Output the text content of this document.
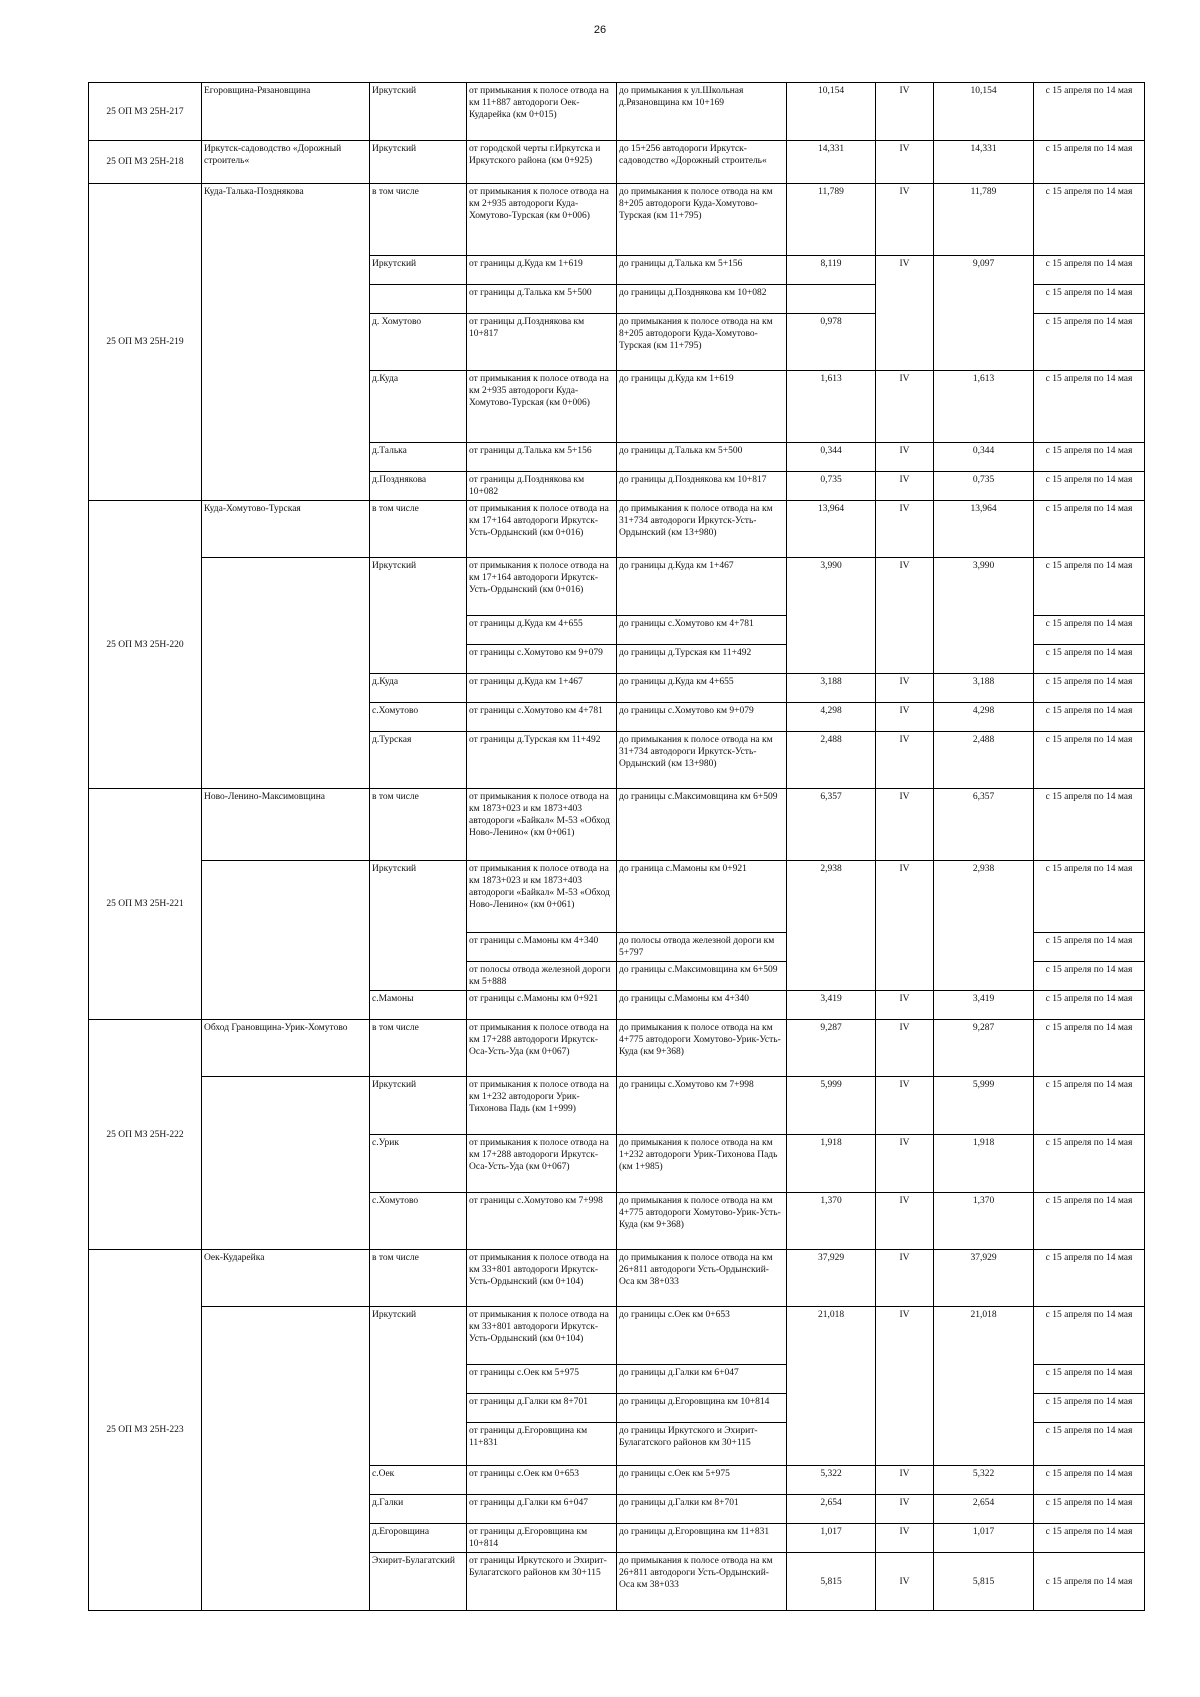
26
25 ОП МЗ 25Н-217	Егоровщина-Рязановщина	Иркутский	от примыкания к полосе отвода на км 11+887 автодороги Оек-Кударейка (км 0+015)	до примыкания к ул.Школьная д.Рязановщина км 10+169	10,154	IV	10,154	с 15 апреля по 14 мая
25 ОП МЗ 25Н-218	Иркутск-садоводство «Дорожный строитель«	Иркутский	от городской черты г.Иркутска и Иркутского района (км 0+925)	до 15+256 автодороги Иркутск-садоводство «Дорожный строитель«	14,331	IV	14,331	с 15 апреля по 14 мая
25 ОП МЗ 25Н-219	Куда-Талька-Позднякова	в том числе	от примыкания к полосе отвода на км 2+935 автодороги Куда-Хомутово-Турская (км 0+006)	до примыкания к полосе отвода на км 8+205 автодороги Куда-Хомутово-Турская (км 11+795)	11,789	IV	11,789	с 15 апреля по 14 мая
		Иркутский	от границы д.Куда км 1+619	до границы д.Талька км 5+156	8,119	IV	9,097	с 15 апреля по 14 мая
			от границы д.Талька км 5+500	до границы д.Позднякова км 10+082				с 15 апреля по 14 мая
		д. Хомутово	от границы д.Позднякова км 10+817	до примыкания к полосе отвода на км 8+205 автодороги Куда-Хомутово-Турская (км 11+795)	0,978			с 15 апреля по 14 мая
		д.Куда	от примыкания к полосе отвода на км 2+935 автодороги Куда-Хомутово-Турская (км 0+006)	до границы д.Куда км 1+619	1,613	IV	1,613	с 15 апреля по 14 мая
		д.Талька	от границы д.Талька км 5+156	до границы д.Талька км 5+500	0,344	IV	0,344	с 15 апреля по 14 мая
		д.Позднякова	от границы д.Позднякова км 10+082	до границы д.Позднякова км 10+817	0,735	IV	0,735	с 15 апреля по 14 мая
25 ОП МЗ 25Н-220	Куда-Хомутово-Турская	в том числе	от примыкания к полосе отвода на км 17+164 автодороги Иркутск-Усть-Ордынский (км 0+016)	до примыкания к полосе отвода на км 31+734 автодороги Иркутск-Усть-Ордынский (км 13+980)	13,964	IV	13,964	с 15 апреля по 14 мая
		Иркутский	от примыкания к полосе отвода на км 17+164 автодороги Иркутск-Усть-Ордынский (км 0+016)	до границы д.Куда км 1+467	3,990	IV	3,990	с 15 апреля по 14 мая
			от границы д.Куда км 4+655	до границы с.Хомутово км 4+781				с 15 апреля по 14 мая
			от границы с.Хомутово км 9+079	до границы д.Турская км 11+492				с 15 апреля по 14 мая
		д.Куда	от границы д.Куда км 1+467	до границы д.Куда км 4+655	3,188	IV	3,188	с 15 апреля по 14 мая
		с.Хомутово	от границы с.Хомутово км 4+781	до границы с.Хомутово км 9+079	4,298	IV	4,298	с 15 апреля по 14 мая
		д.Турская	от границы д.Турская км 11+492	до примыкания к полосе отвода на км 31+734 автодороги Иркутск-Усть-Ордынский (км 13+980)	2,488	IV	2,488	с 15 апреля по 14 мая
25 ОП МЗ 25Н-221	Ново-Ленино-Максимовщина	в том числе	от примыкания к полосе отвода на км 1873+023 и км 1873+403 автодороги «Байкал« М-53 «Обход Ново-Ленино« (км 0+061)	до границы с.Максимовщина км 6+509	6,357	IV	6,357	с 15 апреля по 14 мая
		Иркутский	от примыкания к полосе отвода на км 1873+023 и км 1873+403 автодороги «Байкал« М-53 «Обход Ново-Ленино« (км 0+061)	до граница с.Мамоны км 0+921	2,938	IV	2,938	с 15 апреля по 14 мая
			от границы с.Мамоны км 4+340	до полосы отвода железной дороги км 5+797				с 15 апреля по 14 мая
			от полосы отвода железной дороги км 5+888	до границы с.Максимовщина км 6+509				с 15 апреля по 14 мая
		с.Мамоны	от границы с.Мамоны км 0+921	до границы с.Мамоны км 4+340	3,419	IV	3,419	с 15 апреля по 14 мая
25 ОП МЗ 25Н-222	Обход Грановщина-Урик-Хомутово	в том числе	от примыкания к полосе отвода на км 17+288 автодороги Иркутск-Оса-Усть-Уда (км 0+067)	до примыкания к полосе отвода на км 4+775 автодороги Хомутово-Урик-Усть-Куда (км 9+368)	9,287	IV	9,287	с 15 апреля по 14 мая
		Иркутский	от примыкания к полосе отвода на км 1+232 автодороги Урик-Тихонова Падь (км 1+999)	до границы с.Хомутово км 7+998	5,999	IV	5,999	с 15 апреля по 14 мая
		с.Урик	от примыкания к полосе отвода на км 17+288 автодороги Иркутск-Оса-Усть-Уда (км 0+067)	до примыкания к полосе отвода на км 1+232 автодороги Урик-Тихонова Падь (км 1+985)	1,918	IV	1,918	с 15 апреля по 14 мая
		с.Хомутово	от границы с.Хомутово км 7+998	до примыкания к полосе отвода на км 4+775 автодороги Хомутово-Урик-Усть-Куда (км 9+368)	1,370	IV	1,370	с 15 апреля по 14 мая
25 ОП МЗ 25Н-223	Оек-Кударейка	в том числе	от примыкания к полосе отвода на км 33+801 автодороги Иркутск-Усть-Ордынский (км 0+104)	до примыкания к полосе отвода на км 26+811 автодороги Усть-Ордынский-Оса км 38+033	37,929	IV	37,929	с 15 апреля по 14 мая
		Иркутский	от примыкания к полосе отвода на км 33+801 автодороги Иркутск-Усть-Ордынский (км 0+104)	до границы с.Оек км 0+653	21,018	IV	21,018	с 15 апреля по 14 мая
			от границы с.Оек км 5+975	до границы д.Галки км 6+047				с 15 апреля по 14 мая
			от границы д.Галки км 8+701	до границы д.Егоровщина км 10+814				с 15 апреля по 14 мая
			от границы д.Егоровщина км 11+831	до границы Иркутского и Эхирит-Булагатского районов км 30+115				с 15 апреля по 14 мая
		с.Оек	от границы с.Оек км 0+653	до границы с.Оек км 5+975	5,322	IV	5,322	с 15 апреля по 14 мая
		д.Галки	от границы д.Галки км 6+047	до границы д.Галки км 8+701	2,654	IV	2,654	с 15 апреля по 14 мая
		д.Егоровщина	от границы д.Егоровщина км 10+814	до границы д.Егоровщина км 11+831	1,017	IV	1,017	с 15 апреля по 14 мая
		Эхирит-Булагатский	от границы Иркутского и Эхирит-Булагатского районов км 30+115	до примыкания к полосе отвода на км 26+811 автодороги Усть-Ордынский-Оса км 38+033	5,815	IV	5,815	с 15 апреля по 14 мая
